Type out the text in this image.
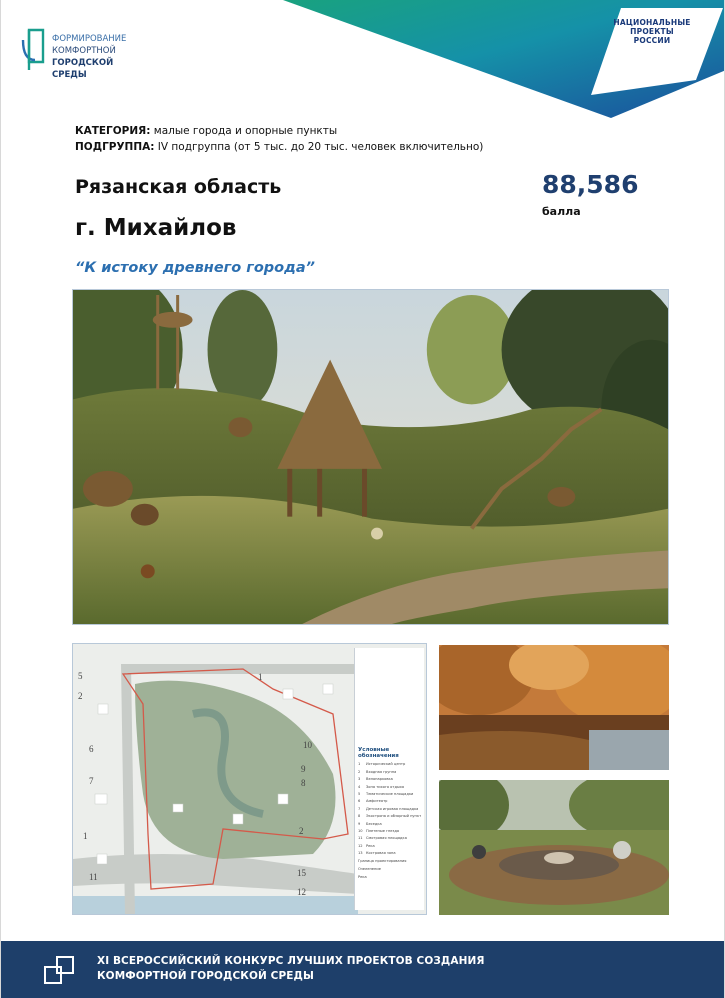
НАЦИОНАЛЬНЫЕ
ПРОЕКТЫ
РОССИИ
ФОРМИРОВАНИЕ
КОМФОРТНОЙ
ГОРОДСКОЙ СРЕДЫ
КАТЕГОРИЯ: малые города и опорные пункты
ПОДГРУППА: IV подгруппа (от 5 тыс. до 20 тыс. человек включительно)
Рязанская область
г. Михайлов
“К истоку древнего города”
88,586
балла
5
2
6
7
1
11
1
10
9
8
2
15
12
Условные обозначения
1	Исторический центр
2	Входная группа
3	Велопарковка
4	Зона тихого отдыха
5	Тематические площадки
6	Амфитеатр
7	Детская игровая площадка
8	Экостропа и обзорный пункт
9	Беседка
10 Плетеные гнезда
11 Смотровая площадка
12 Река
13 Костровая зона
Граница проектирования
Озеленение
Река
XI ВСЕРОССИЙСКИЙ КОНКУРС ЛУЧШИХ ПРОЕКТОВ СОЗДАНИЯ
КОМФОРТНОЙ ГОРОДСКОЙ СРЕДЫ
